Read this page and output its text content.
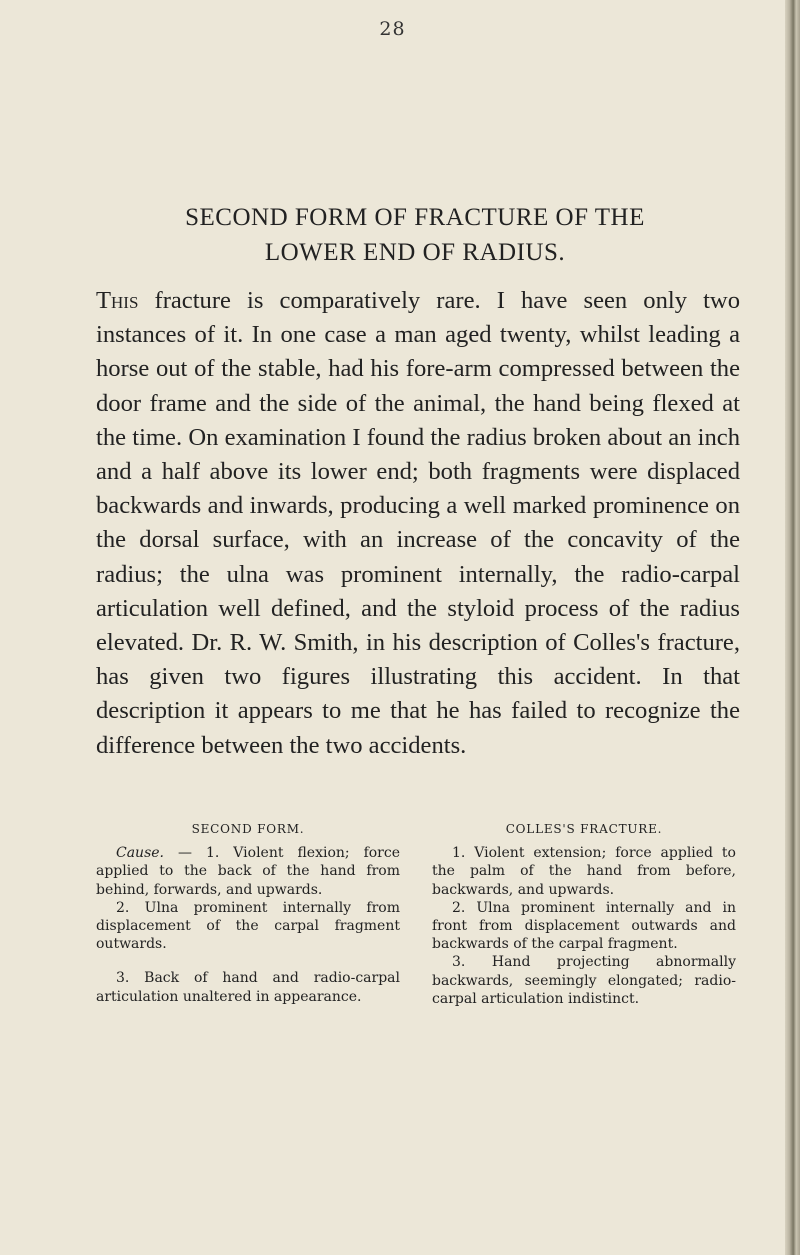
28
SECOND FORM OF FRACTURE OF THE
LOWER END OF RADIUS.

This fracture is comparatively rare. I have seen only two instances of it. In one case a man aged twenty, whilst leading a horse out of the stable, had his fore-arm compressed between the door frame and the side of the animal, the hand being flexed at the time. On examination I found the radius broken about an inch and a half above its lower end; both fragments were displaced backwards and inwards, producing a well marked prominence on the dorsal surface, with an increase of the concavity of the radius; the ulna was prominent internally, the radio-carpal articulation well defined, and the styloid process of the radius elevated. Dr. R. W. Smith, in his description of Colles's fracture, has given two figures illustrating this accident. In that description it appears to me that he has failed to recognize the difference between the two accidents.

SECOND FORM.

Cause. — 1. Violent flexion; force applied to the back of the hand from behind, forwards, and upwards.

2. Ulna prominent internally from displacement of the carpal fragment outwards.

3. Back of hand and radio-carpal articulation unaltered in appearance.

COLLES'S FRACTURE.

1. Violent extension; force applied to the palm of the hand from before, backwards, and upwards.

2. Ulna prominent internally and in front from displacement outwards and backwards of the carpal fragment.

3. Hand projecting abnormally backwards, seemingly elongated; radio-carpal articulation indistinct.
